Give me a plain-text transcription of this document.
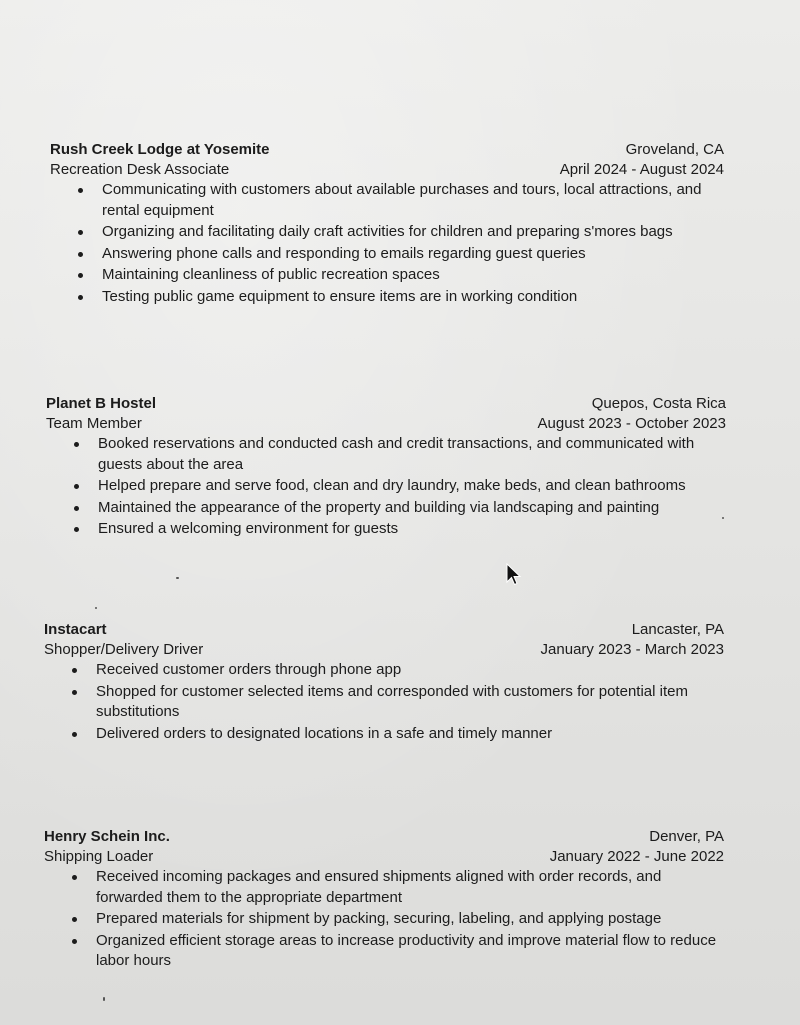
Rush Creek Lodge at Yosemite	Groveland, CA
Recreation Desk Associate	April 2024 - August 2024
Communicating with customers about available purchases and tours, local attractions, and rental equipment
Organizing and facilitating daily craft activities for children and preparing s'mores bags
Answering phone calls and responding to emails regarding guest queries
Maintaining cleanliness of public recreation spaces
Testing public game equipment to ensure items are in working condition
Planet B Hostel	Quepos, Costa Rica
Team Member	August 2023 - October 2023
Booked reservations and conducted cash and credit transactions, and communicated with guests about the area
Helped prepare and serve food, clean and dry laundry, make beds, and clean bathrooms
Maintained the appearance of the property and building via landscaping and painting
Ensured a welcoming environment for guests
Instacart	Lancaster, PA
Shopper/Delivery Driver	January 2023 - March 2023
Received customer orders through phone app
Shopped for customer selected items and corresponded with customers for potential item substitutions
Delivered orders to designated locations in a safe and timely manner
Henry Schein Inc.	Denver, PA
Shipping Loader	January 2022 - June 2022
Received incoming packages and ensured shipments aligned with order records, and forwarded them to the appropriate department
Prepared materials for shipment by packing, securing, labeling, and applying postage
Organized efficient storage areas to increase productivity and improve material flow to reduce labor hours
